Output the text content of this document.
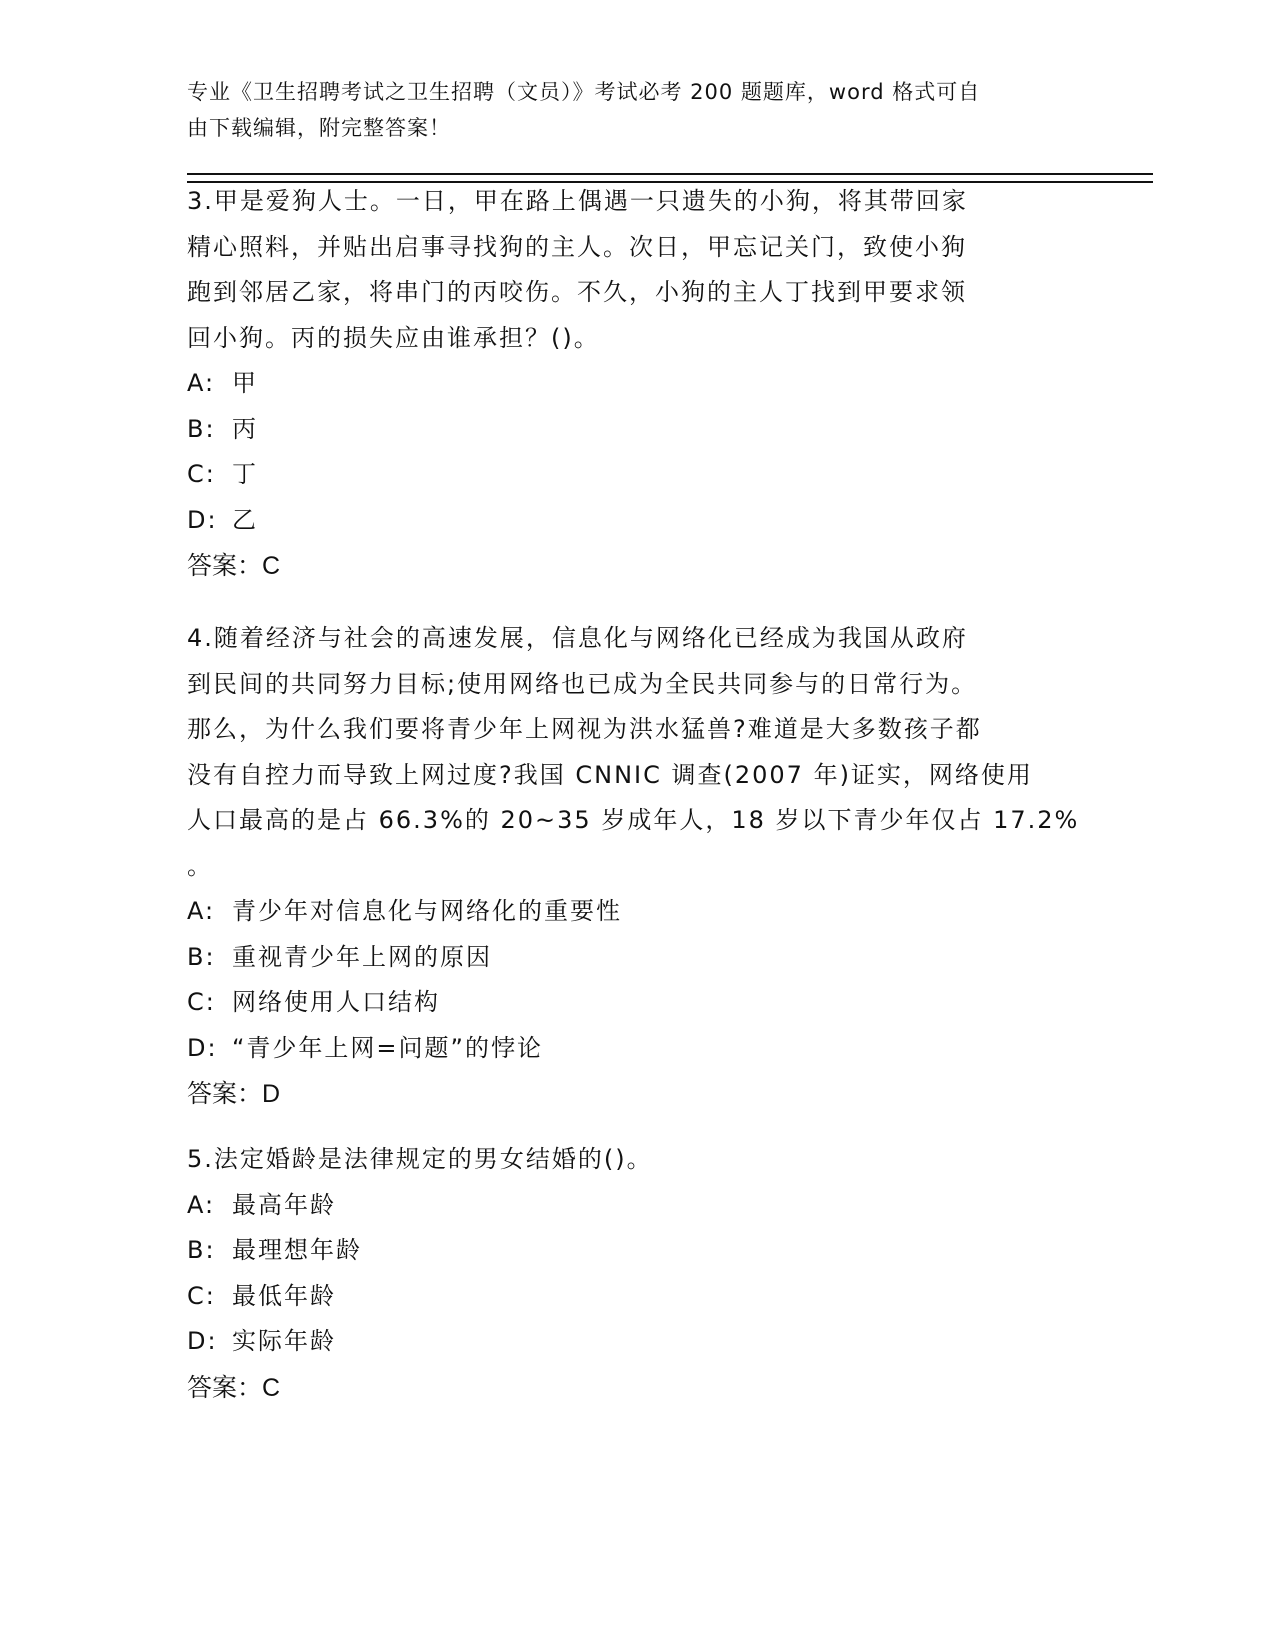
专业《卫生招聘考试之卫生招聘（文员）》考试必考 200 题题库，word 格式可自
由下载编辑，附完整答案！
3.甲是爱狗人士。一日，甲在路上偶遇一只遗失的小狗，将其带回家
精心照料，并贴出启事寻找狗的主人。次日，甲忘记关门，致使小狗
跑到邻居乙家，将串门的丙咬伤。不久，小狗的主人丁找到甲要求领
回小狗。丙的损失应由谁承担？()。
A: 甲
B: 丙
C: 丁
D: 乙
答案：C
4.随着经济与社会的高速发展，信息化与网络化已经成为我国从政府
到民间的共同努力目标;使用网络也已成为全民共同参与的日常行为。
那么，为什么我们要将青少年上网视为洪水猛兽?难道是大多数孩子都
没有自控力而导致上网过度?我国 CNNIC 调查(2007 年)证实，网络使用
人口最高的是占 66.3%的 20~35 岁成年人，18 岁以下青少年仅占 17.2%
。
A: 青少年对信息化与网络化的重要性
B: 重视青少年上网的原因
C: 网络使用人口结构
D: “青少年上网=问题”的悖论
答案：D
5.法定婚龄是法律规定的男女结婚的()。
A: 最高年龄
B: 最理想年龄
C: 最低年龄
D: 实际年龄
答案：C
